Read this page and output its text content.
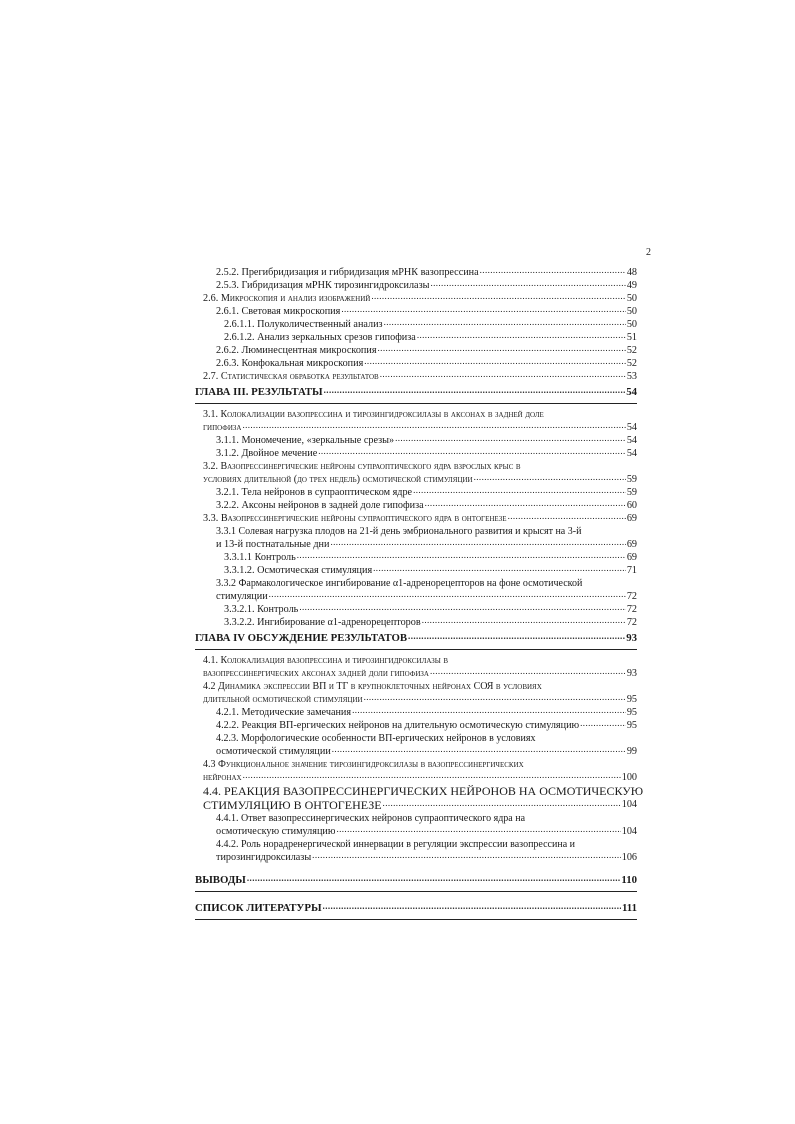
2
2.5.2. Прегибридизация и гибридизация мРНК вазопрессина .....	48
2.5.3. Гибридизация мРНК тирозингидроксилазы .....	49
2.6. Микроскопия и анализ изображений .....	50
2.6.1. Световая микроскопия .....	50
2.6.1.1. Полуколичественный анализ .....	50
2.6.1.2. Анализ зеркальных срезов гипофиза .....	51
2.6.2. Люминесцентная микроскопия .....	52
2.6.3. Конфокальная микроскопия .....	52
2.7. Статистическая обработка результатов .....	53
ГЛАВА III. РЕЗУЛЬТАТЫ .....	54
3.1. Колокализации вазопрессина и тирозингидроксилазы в аксонах в задней доле
гипофиза .....	54
3.1.1. Мономечение, «зеркальные срезы» .....	54
3.1.2. Двойное мечение .....	54
3.2. Вазопрессинергические нейроны супраоптического ядра взрослых крыс в
условиях длительной (до трех недель) осмотической стимуляции .....	59
3.2.1. Тела нейронов в супраоптическом ядре .....	59
3.2.2. Аксоны нейронов в задней доле гипофиза .....	60
3.3. Вазопрессинергические нейроны супраоптического ядра в онтогенезе .....	69
3.3.1 Солевая нагрузка плодов на 21-й день эмбрионального развития и крысят на 3-й
и 13-й постнатальные дни .....	69
3.3.1.1 Контроль .....	69
3.3.1.2. Осмотическая стимуляция .....	71
3.3.2 Фармакологическое ингибирование α1-адренорецепторов на фоне осмотической
стимуляции .....	72
3.3.2.1. Контроль .....	72
3.3.2.2. Ингибирование α1-адренорецепторов .....	72
ГЛАВА IV ОБСУЖДЕНИЕ РЕЗУЛЬТАТОВ .....	93
4.1. Колокализация вазопрессина и тирозингидроксилазы в
вазопрессинергических аксонах задней доли гипофиза .....	93
4.2 Динамика экспрессии ВП и ТГ в крупноклеточных нейронах СОЯ в условиях
длительной осмотической стимуляции .....	95
4.2.1. Методические замечания .....	95
4.2.2. Реакция ВП-ергических нейронов на длительную осмотическую стимуляцию .....	95
4.2.3. Морфологические особенности ВП-ергических нейронов в условиях
осмотической стимуляции .....	99
4.3 Функциональное значение тирозингидроксилазы в вазопрессинергических
нейронах .....	100
4.4. РЕАКЦИЯ ВАЗОПРЕССИНЕРГИЧЕСКИХ НЕЙРОНОВ НА ОСМОТИЧЕСКУЮ
СТИМУЛЯЦИЮ В ОНТОГЕНЕЗЕ .....	104
4.4.1. Ответ вазопрессинергических нейронов супраоптического ядра на
осмотическую стимуляцию .....	104
4.4.2. Роль норадренергической иннервации в регуляции экспрессии вазопрессина и
тирозингидроксилазы .....	106
ВЫВОДЫ .....	110
СПИСОК ЛИТЕРАТУРЫ .....	111
